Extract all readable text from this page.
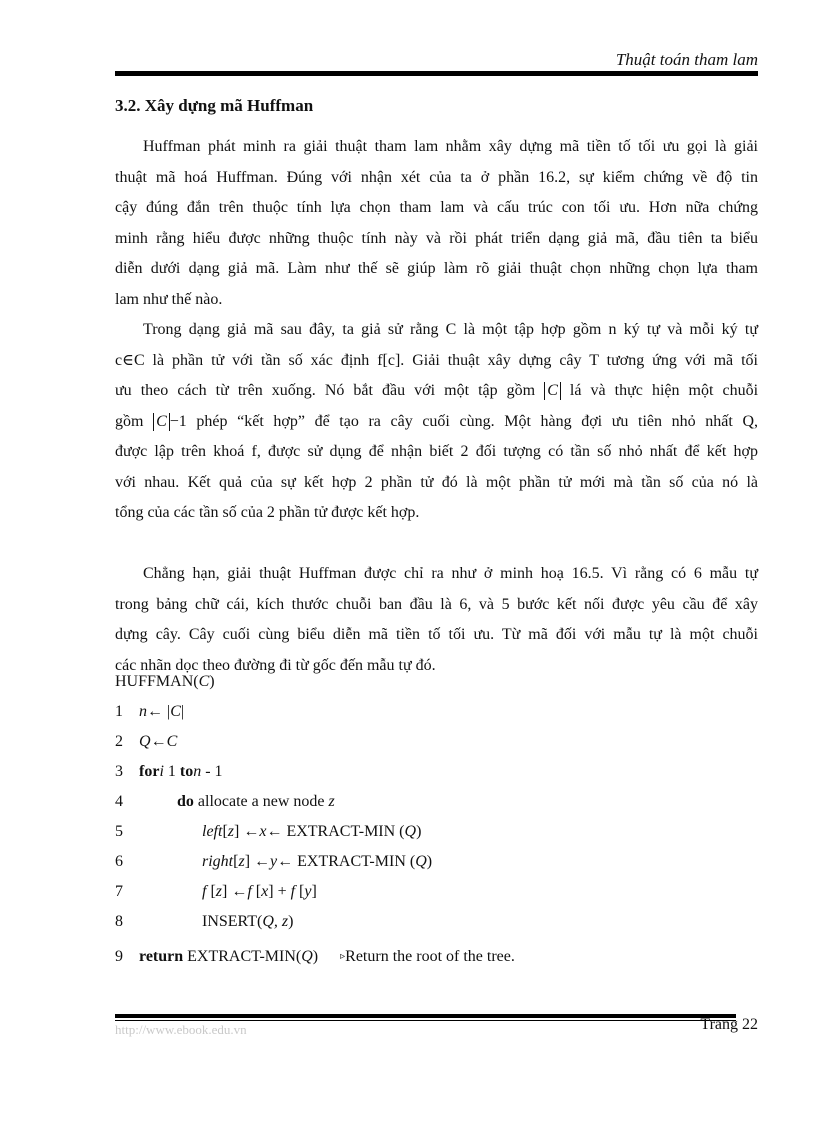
Thuật toán tham lam
3.2. Xây dựng mã Huffman
Huffman phát minh ra giải thuật tham lam nhằm xây dựng mã tiền tố tối ưu gọi là giải
thuật mã hoá Huffman. Đúng với nhận xét của ta ở phần 16.2, sự kiểm chứng về độ tin
cậy đúng đắn trên thuộc tính lựa chọn tham lam và cấu trúc con tối ưu. Hơn nữa chứng
minh rằng hiểu được những thuộc tính này và rồi phát triển dạng giả mã, đầu tiên ta biểu
diễn dưới dạng giả mã. Làm như thế sẽ giúp làm rõ giải thuật chọn những chọn lựa tham
lam như thế nào.
Trong dạng giả mã sau đây, ta giả sử rằng C là một tập hợp gồm n ký tự và mỗi ký tự
c∈C là phần tử với tần số xác định f[c]. Giải thuật xây dựng cây T tương ứng với mã tối
ưu theo cách từ trên xuống. Nó bắt đầu với một tập gồm C lá và thực hiện một chuỗi
gồm C −1 phép “kết hợp” để tạo ra cây cuối cùng. Một hàng đợi ưu tiên nhỏ nhất Q,
được lập trên khoá f, được sử dụng để nhận biết 2 đối tượng có tần số nhỏ nhất để kết hợp
với nhau. Kết quả của sự kết hợp 2 phần tử đó là một phần tử mới mà tần số của nó là
tổng của các tần số của 2 phần tử được kết hợp.
Chẳng hạn, giải thuật Huffman được chỉ ra như ở minh hoạ 16.5. Vì rằng có 6 mẫu tự
trong bảng chữ cái, kích thước chuỗi ban đầu là 6, và 5 bước kết nối được yêu cầu để xây
dựng cây. Cây cuối cùng biểu diễn mã tiền tố tối ưu. Từ mã đối với mẫu tự là một chuỗi
các nhãn dọc theo đường đi từ gốc đến mẫu tự đó.
HUFFMAN(C)
1	n← |C|
2	Q←C
3	fori 1 ton - 1
4	do allocate a new node z
5	left[z] ←x← EXTRACT-MIN (Q)
6	right[z] ←y← EXTRACT-MIN (Q)
7	f [z] ←f [x] + f [y]
8	INSERT(Q, z)
9	return EXTRACT-MIN(Q) ▹Return the root of the tree.
http://www.ebook.edu.vn	Trang 22
